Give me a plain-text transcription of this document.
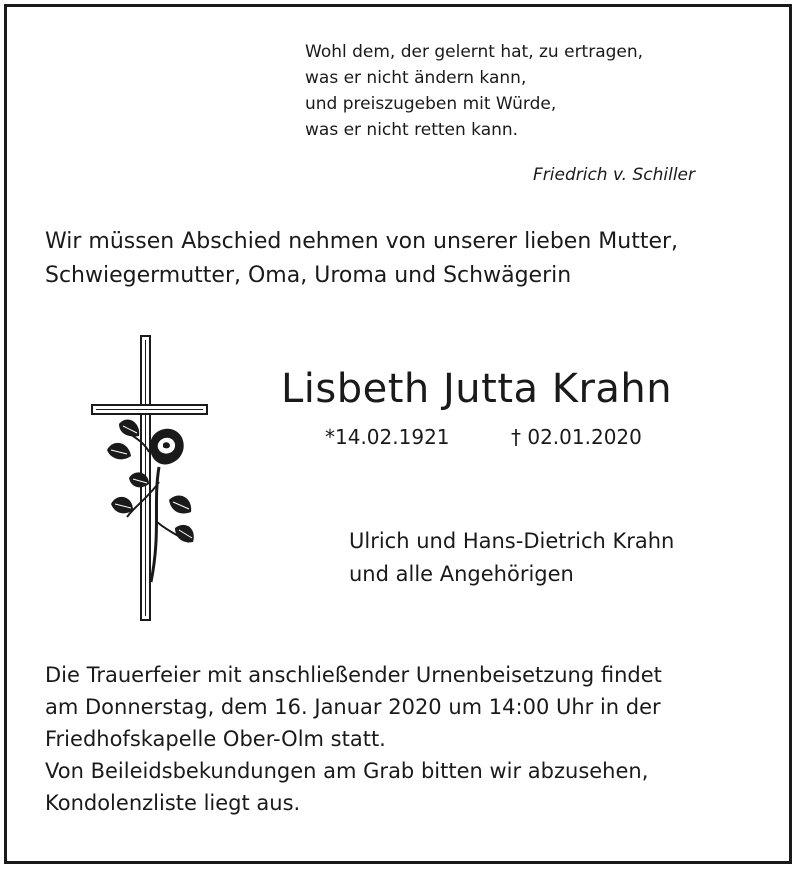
Wohl dem, der gelernt hat, zu ertragen,
was er nicht ändern kann,
und preiszugeben mit Würde,
was er nicht retten kann.
Friedrich v. Schiller
Wir müssen Abschied nehmen von unserer lieben Mutter,
Schwiegermutter, Oma, Uroma und Schwägerin
Lisbeth Jutta Krahn
*14.02.1921	† 02.01.2020
Ulrich und Hans-Dietrich Krahn
und alle Angehörigen
Die Trauerfeier mit anschließender Urnenbeisetzung findet
am Donnerstag, dem 16. Januar 2020 um 14:00 Uhr in der
Friedhofskapelle Ober-Olm statt.
Von Beileidsbekundungen am Grab bitten wir abzusehen,
Kondolenzliste liegt aus.
